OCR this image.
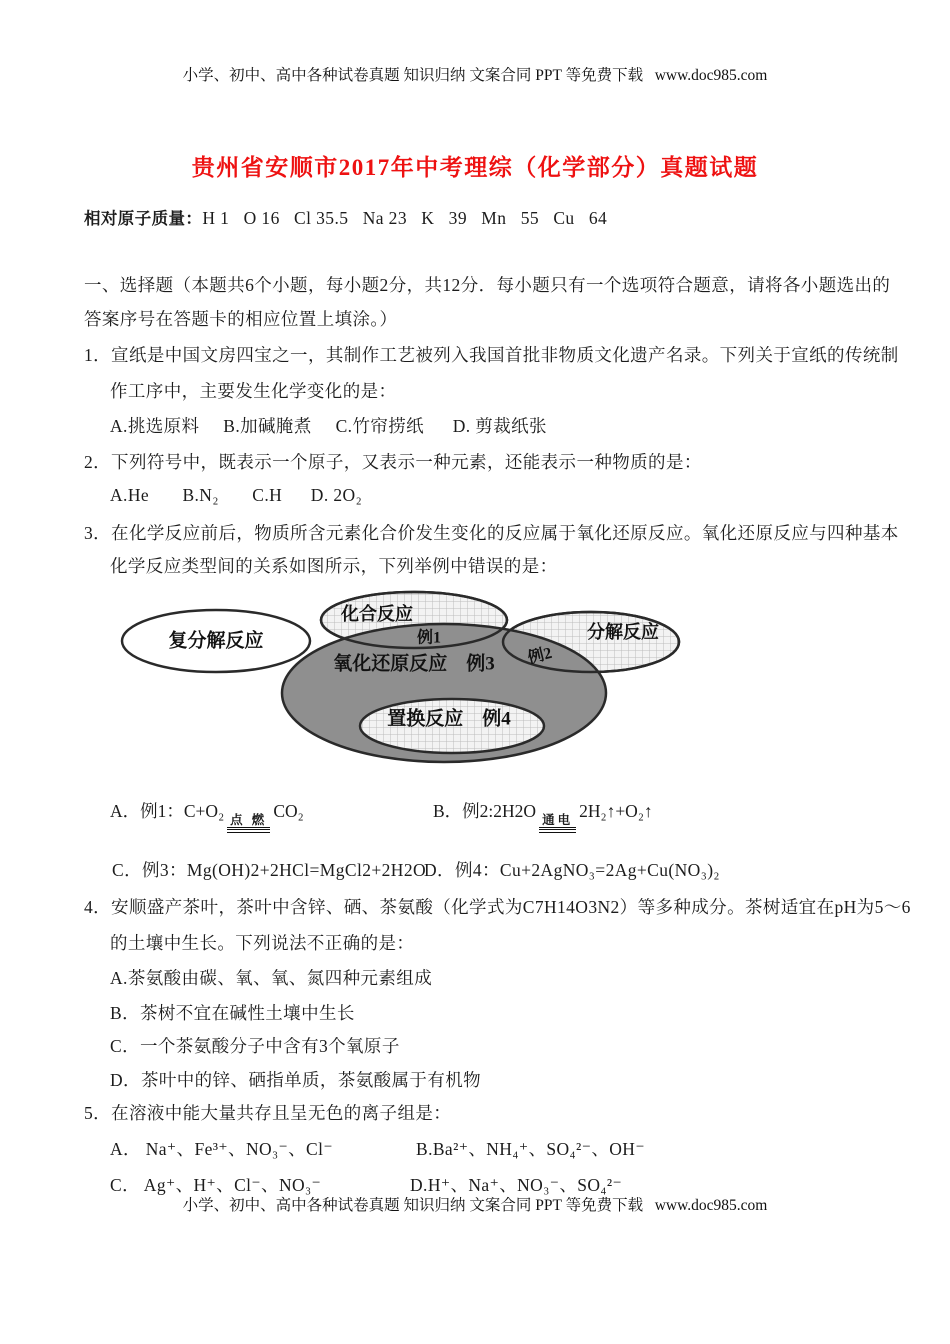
小学、初中、高中各种试卷真题 知识归纳 文案合同 PPT 等免费下载   www.doc985.com
贵州省安顺市2017年中考理综（化学部分）真题试题
相对原子质量：H 1   O 16   Cl 35.5   Na 23   K   39   Mn   55   Cu   64
一、选择题（本题共6个小题，每小题2分，共12分．每小题只有一个选项符合题意，请将各小题选出的
答案序号在答题卡的相应位置上填涂。）
1．宣纸是中国文房四宝之一，其制作工艺被列入我国首批非物质文化遗产名录。下列关于宣纸的传统制
作工序中，主要发生化学变化的是：
A.挑选原料     B.加碱腌煮     C.竹帘捞纸      D. 剪裁纸张
2．下列符号中，既表示一个原子，又表示一种元素，还能表示一种物质的是：
A.He       B.N₂       C.H      D. 2O₂
3．在化学反应前后，物质所含元素化合价发生变化的反应属于氧化还原反应。氧化还原反应与四种基本
化学反应类型间的关系如图所示，下列举例中错误的是：
复分解反应
化合反应
例1	分解反应
例2
氧化还原反应　例3
置换反应　例4
A．例1：C+O₂ 点 燃 CO₂	B．例2:2H2O 通电 2H₂↑+O₂↑
C．例3：Mg(OH)2+2HCl=MgCl2+2H2O
D．例4：Cu+2AgNO₃=2Ag+Cu(NO₃)₂
4．安顺盛产茶叶，茶叶中含锌、硒、茶氨酸（化学式为C7H14O3N2）等多种成分。茶树适宜在pH为5～6
的土壤中生长。下列说法不正确的是：
A.茶氨酸由碳、氧、氧、氮四种元素组成
B．茶树不宜在碱性土壤中生长
C．一个茶氨酸分子中含有3个氧原子
D．茶叶中的锌、硒指单质，茶氨酸属于有机物
5．在溶液中能大量共存且呈无色的离子组是：
A． Na⁺、Fe³⁺、NO₃⁻、Cl⁻	B.Ba²⁺、NH₄⁺、SO₄²⁻、OH⁻
C． Ag⁺、H⁺、Cl⁻、NO₃⁻	D.H⁺、Na⁺、NO₃⁻、SO₄²⁻
小学、初中、高中各种试卷真题 知识归纳 文案合同 PPT 等免费下载   www.doc985.com
